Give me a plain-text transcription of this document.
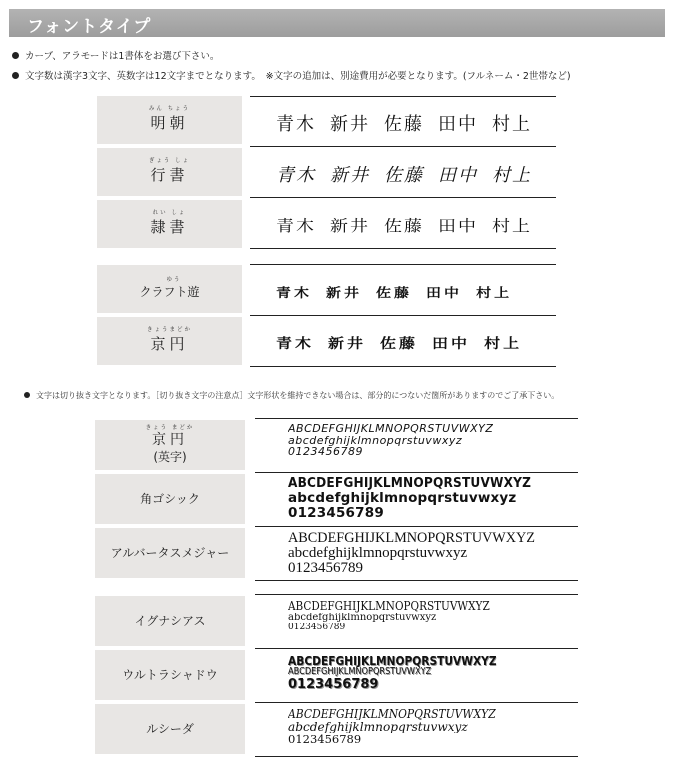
フォントタイプ
カーブ、アラモードは1書体をお選び下さい。
文字数は漢字3文字、英数字は12文字までとなります。　※文字の追加は、別途費用が必要となります。(フルネーム・2世帯など)
みん ちょう
明朝
ぎょう しょ
行書
れい しょ
隷書
青木 新井 佐藤 田中 村上
青木 新井 佐藤 田中 村上
青木 新井 佐藤 田中 村上
ゆう
クラフト遊
きょうまどか
京円
青木 新井 佐藤 田中 村上
青木 新井 佐藤 田中 村上
文字は切り抜き文字となります。［切り抜き文字の注意点］文字形状を維持できない場合は、部分的につないだ箇所がありますのでご了承下さい。
きょう まどか
京円
(英字)
角ゴシック
アルバータスメジャー
ABCDEFGHIJKLMNOPQRSTUVWXYZ
abcdefghijklmnopqrstuvwxyz
0123456789
ABCDEFGHIJKLMNOPQRSTUVWXYZ
abcdefghijklmnopqrstuvwxyz
0123456789
ABCDEFGHIJKLMNOPQRSTUVWXYZ
abcdefghijklmnopqrstuvwxyz
0123456789
イグナシアス
ウルトラシャドウ
ルシーダ
ABCDEFGHIJKLMNOPQRSTUVWXYZ
abcdefghijklmnopqrstuvwxyz
0123456789
ABCDEFGHIJKLMNOPQRSTUVWXYZ
ABCDEFGHIJKLMNOPQRSTUVWXYZ
0123456789
ABCDEFGHIJKLMNOPQRSTUVWXYZ
abcdefghijklmnopqrstuvwxyz
0123456789
